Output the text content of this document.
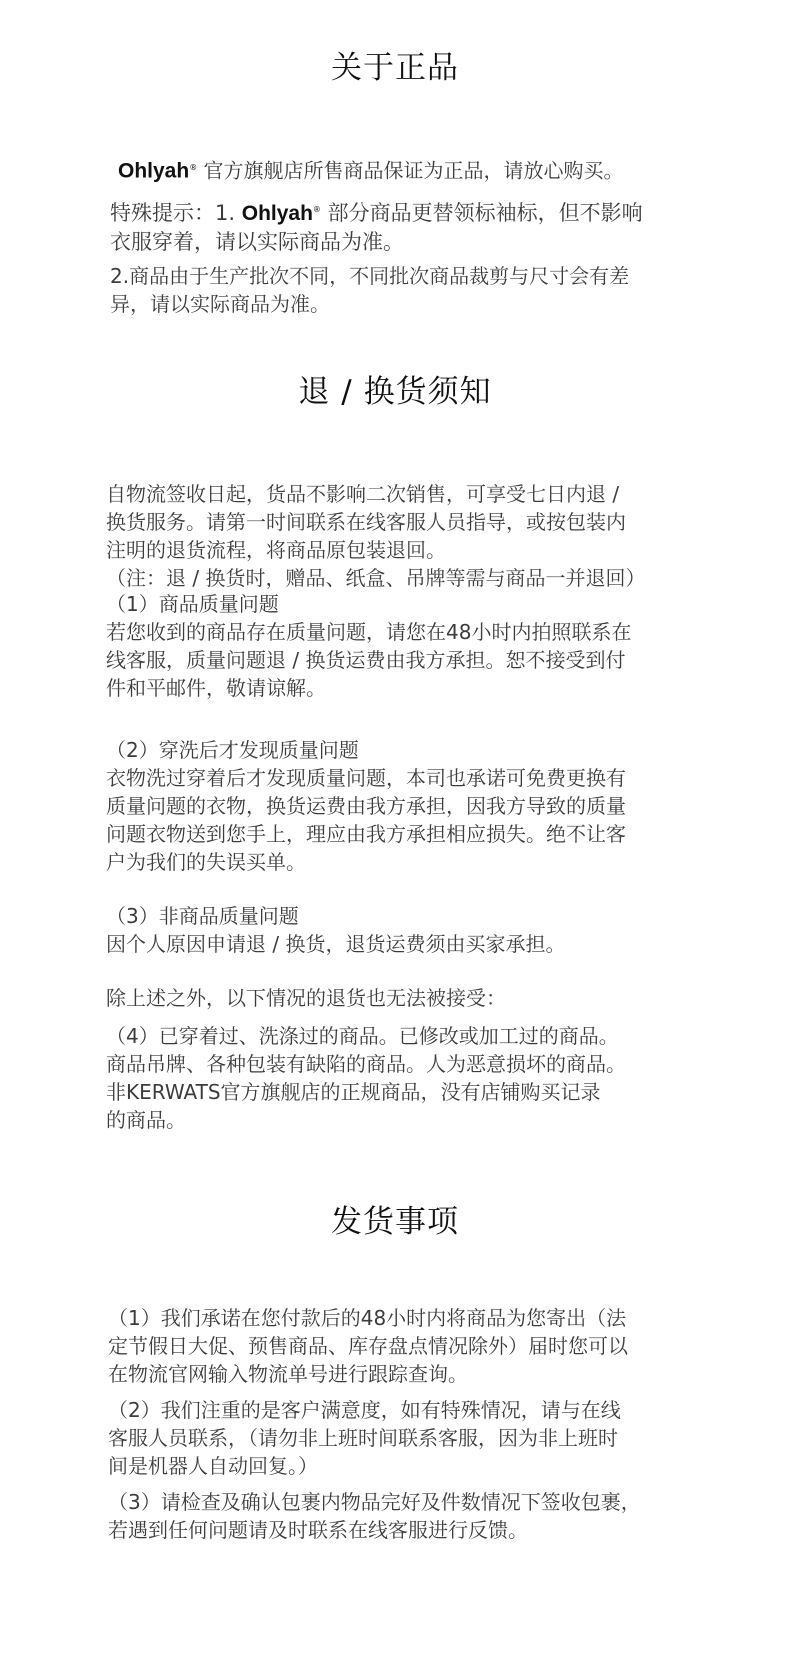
关于正品
Ohlyah® 官方旗舰店所售商品保证为正品，请放心购买。
特殊提示：1. Ohlyah® 部分商品更替领标袖标，但不影响
衣服穿着，请以实际商品为准。
2.商品由于生产批次不同，不同批次商品裁剪与尺寸会有差
异，请以实际商品为准。
退 / 换货须知
自物流签收日起，货品不影响二次销售，可享受七日内退 /
换货服务。请第一时间联系在线客服人员指导，或按包装内
注明的退货流程，将商品原包装退回。
（注：退 / 换货时，赠品、纸盒、吊牌等需与商品一并退回）
（1）商品质量问题
若您收到的商品存在质量问题，请您在48小时内拍照联系在
线客服，质量问题退 / 换货运费由我方承担。恕不接受到付
件和平邮件，敬请谅解。
（2）穿洗后才发现质量问题
衣物洗过穿着后才发现质量问题，本司也承诺可免费更换有
质量问题的衣物，换货运费由我方承担，因我方导致的质量
问题衣物送到您手上，理应由我方承担相应损失。绝不让客
户为我们的失误买单。
（3）非商品质量问题
因个人原因申请退 / 换货，退货运费须由买家承担。
除上述之外，以下情况的退货也无法被接受：
（4）已穿着过、洗涤过的商品。已修改或加工过的商品。
商品吊牌、各种包装有缺陷的商品。人为恶意损坏的商品。
非KERWATS官方旗舰店的正规商品，没有店铺购买记录
的商品。
发货事项
（1）我们承诺在您付款后的48小时内将商品为您寄出（法
定节假日大促、预售商品、库存盘点情况除外）届时您可以
在物流官网输入物流单号进行跟踪查询。
（2）我们注重的是客户满意度，如有特殊情况，请与在线
客服人员联系，（请勿非上班时间联系客服，因为非上班时
间是机器人自动回复。）
（3）请检查及确认包裹内物品完好及件数情况下签收包裹，
若遇到任何问题请及时联系在线客服进行反馈。
